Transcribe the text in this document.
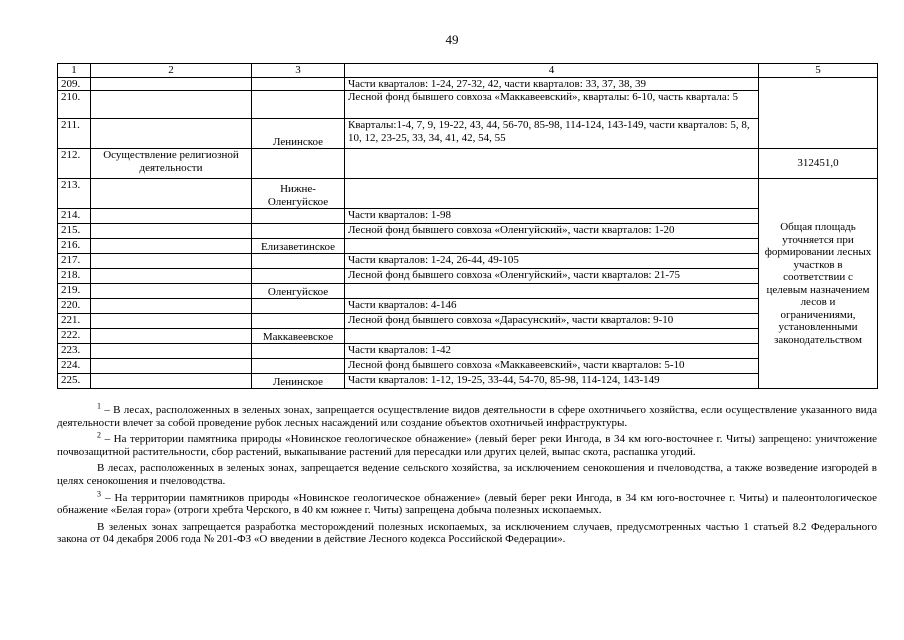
49
1	2	3	4	5
209.			Части кварталов: 1-24, 27-32, 42, части кварталов: 33, 37, 38, 39	
210.			Лесной фонд бывшего совхоза «Маккавеевский», кварталы: 6-10, часть квартала: 5	
211.		Ленинское	Кварталы:1-4, 7, 9, 19-22, 43, 44, 56-70, 85-98, 114-124, 143-149, части кварталов: 5, 8, 10, 12, 23-25, 33, 34, 41, 42, 54, 55	
212.	Осуществление религиозной деятельности			312451,0
213.		Нижне-Оленгуйское		Общая площадь уточняется при формировании лесных участков в соответствии с целевым назначением лесов и ограничениями, установленными законодательством
214.			Части кварталов: 1-98	
215.			Лесной фонд бывшего совхоза «Оленгуйский», части кварталов: 1-20	
216.		Елизаветинское		
217.			Части кварталов: 1-24, 26-44, 49-105	
218.			Лесной фонд бывшего совхоза «Оленгуйский», части кварталов: 21-75	
219.		Оленгуйское		
220.			Части кварталов: 4-146	
221.			Лесной фонд бывшего совхоза «Дарасунский», части кварталов: 9-10	
222.		Маккавеевское		
223.			Части кварталов: 1-42	
224.			Лесной фонд бывшего совхоза «Маккавеевский», части кварталов: 5-10	
225.		Ленинское	Части кварталов: 1-12, 19-25, 33-44, 54-70, 85-98, 114-124, 143-149	

$^1$ – В лесах, расположенных в зеленых зонах, запрещается осуществление видов деятельности в сфере охотничьего хозяйства, если осуществление указанного вида деятельности влечет за собой проведение рубок лесных насаждений или создание объектов охотничьей инфраструктуры.

$^2$ – На территории памятника природы «Новинское геологическое обнажение» (левый берег реки Ингода, в 34 км юго-восточнее г. Читы) запрещено: уничтожение почвозащитной растительности, сбор растений, выкапывание растений для пересадки или других целей, выпас скота, распашка угодий.

В лесах, расположенных в зеленых зонах, запрещается ведение сельского хозяйства, за исключением сенокошения и пчеловодства, а также возведение изгородей в целях сенокошения и пчеловодства.

$^3$ – На территории памятников природы «Новинское геологическое обнажение» (левый берег реки Ингода, в 34 км юго-восточнее г. Читы) и палеонтологическое обнажение «Белая гора» (отроги хребта Черского, в 40 км южнее г. Читы) запрещена добыча полезных ископаемых.

В зеленых зонах запрещается разработка месторождений полезных ископаемых, за исключением случаев, предусмотренных частью 1 статьей 8.2 Федерального закона от 04 декабря 2006 года № 201-ФЗ «О введении в действие Лесного кодекса Российской Федерации».
